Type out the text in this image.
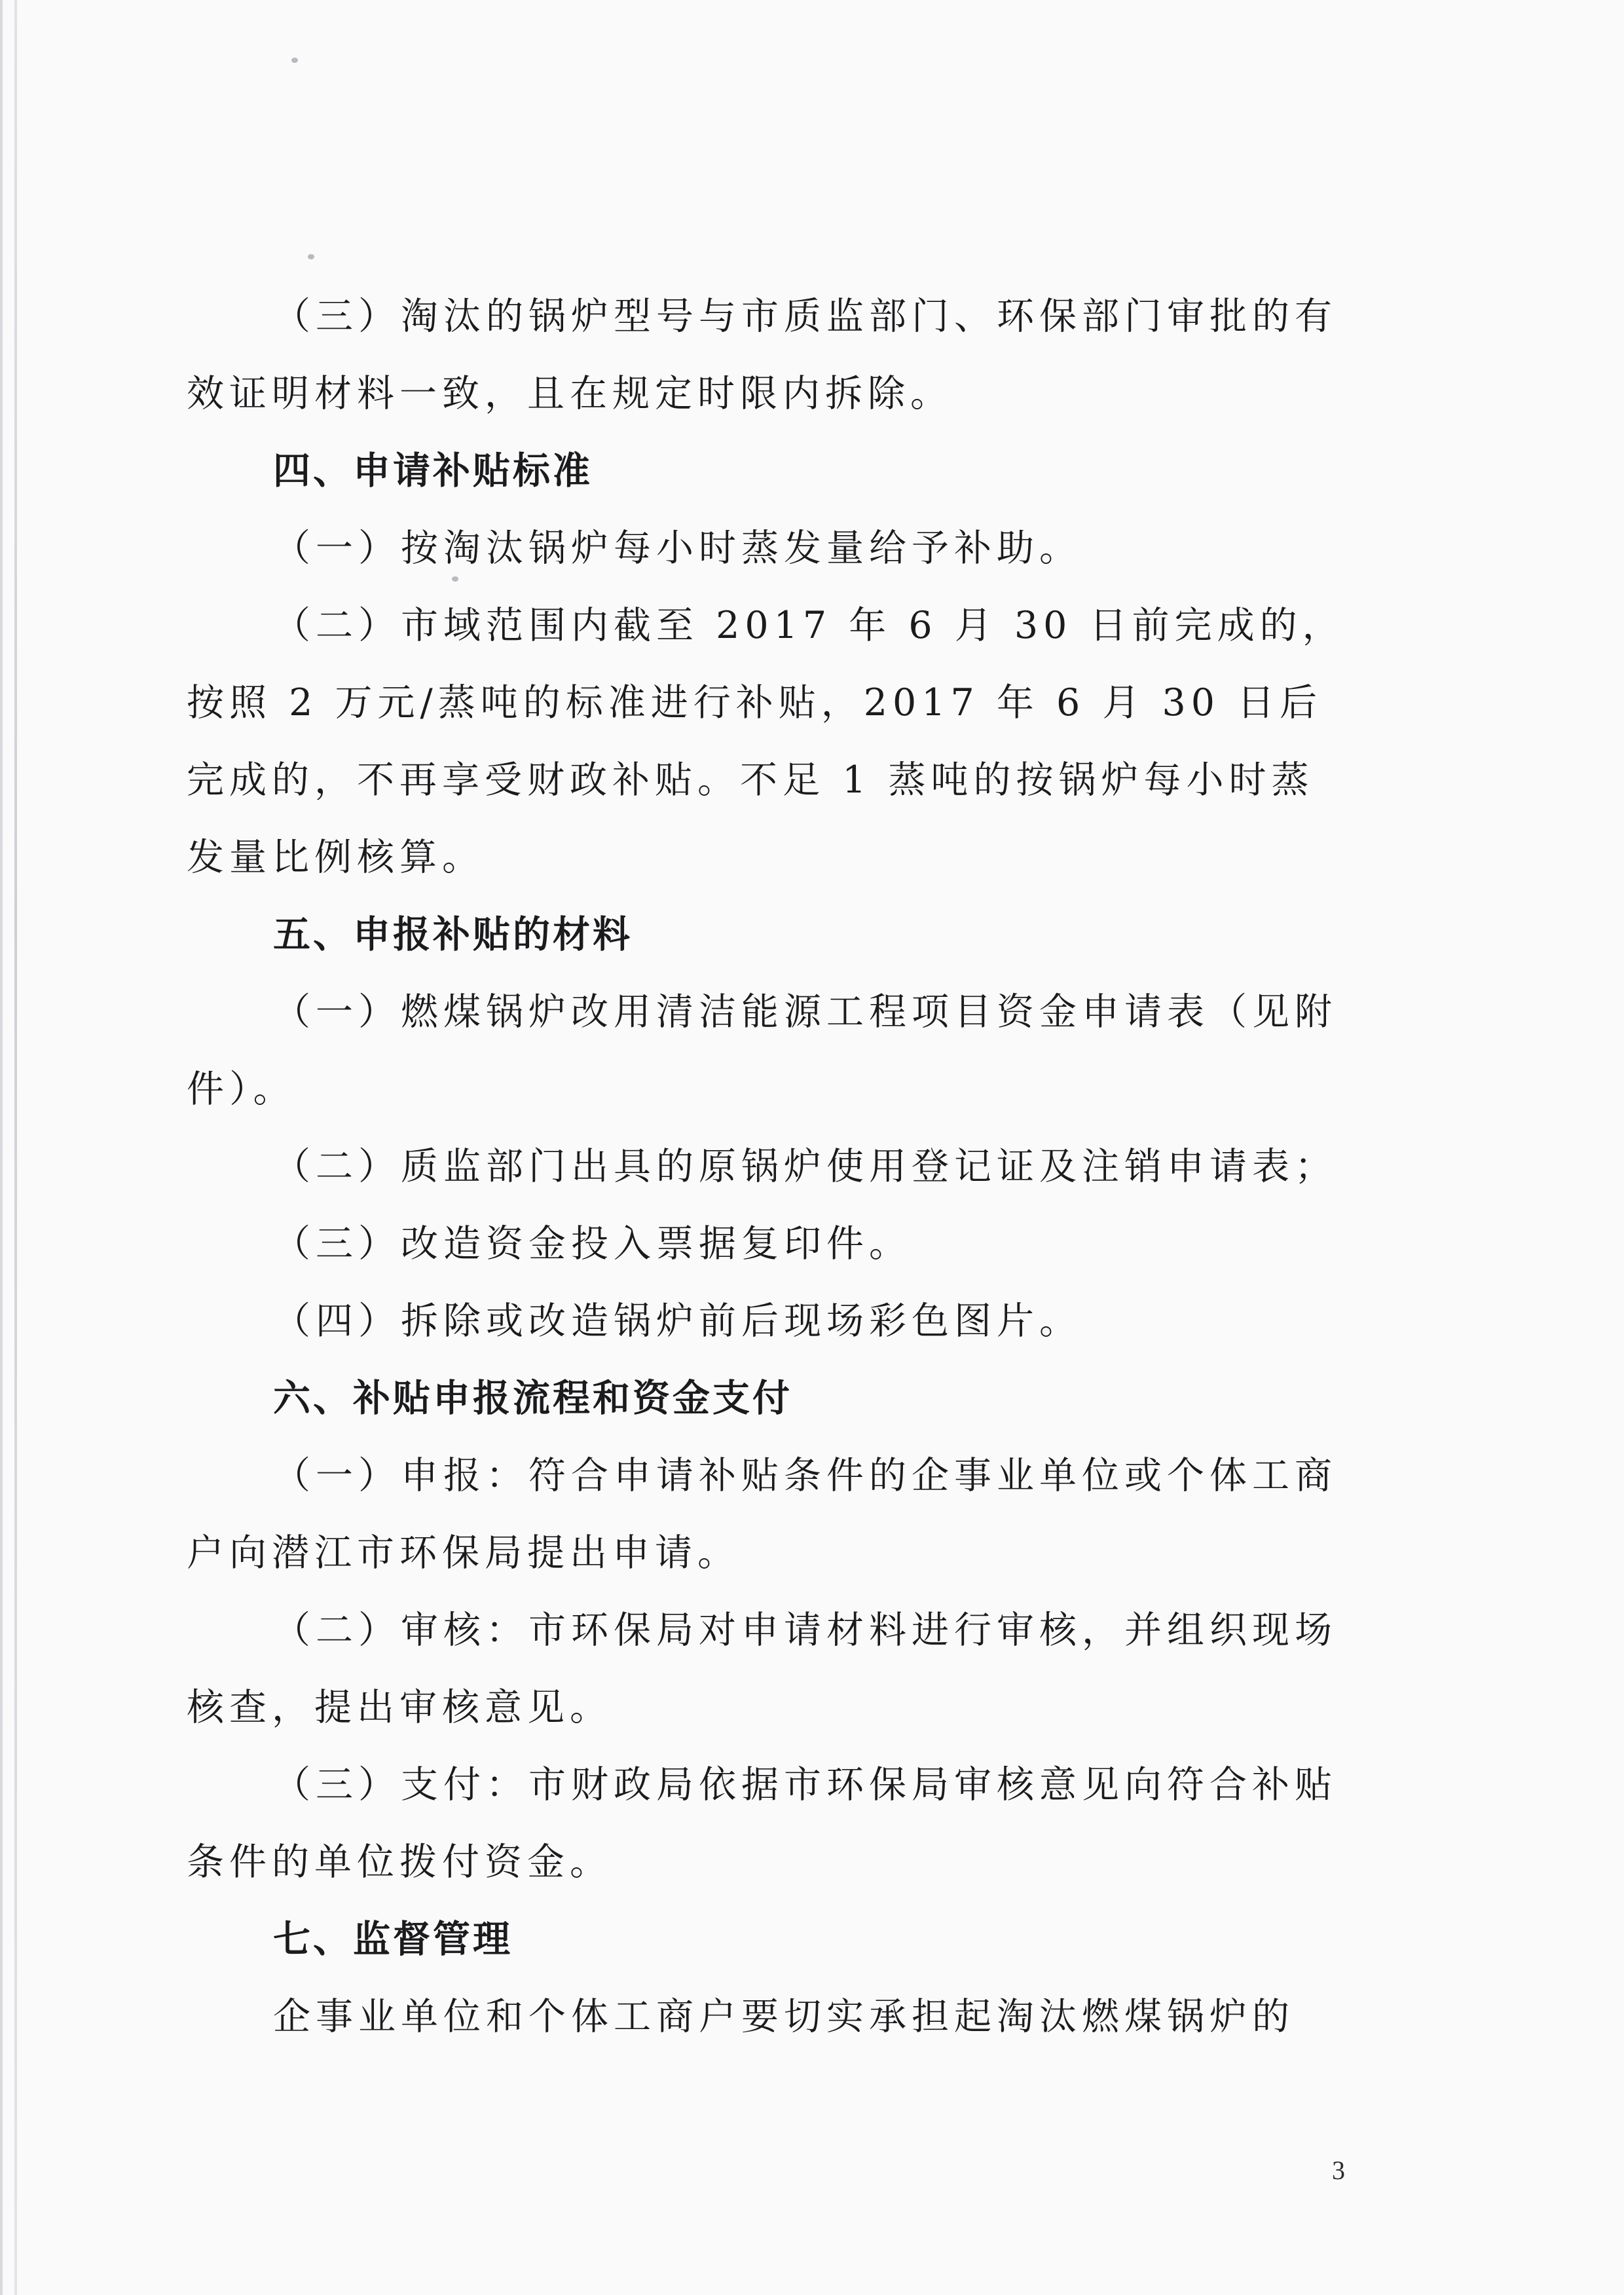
（三）淘汰的锅炉型号与市质监部门、环保部门审批的有效证明材料一致，且在规定时限内拆除。

四、申请补贴标准

（一）按淘汰锅炉每小时蒸发量给予补助。

（二）市域范围内截至 2017 年 6 月 30 日前完成的，按照 2 万元/蒸吨的标准进行补贴，2017 年 6 月 30 日后完成的，不再享受财政补贴。不足 1 蒸吨的按锅炉每小时蒸发量比例核算。

五、申报补贴的材料

（一）燃煤锅炉改用清洁能源工程项目资金申请表（见附件）。

（二）质监部门出具的原锅炉使用登记证及注销申请表；

（三）改造资金投入票据复印件。

（四）拆除或改造锅炉前后现场彩色图片。

六、补贴申报流程和资金支付

（一）申报：符合申请补贴条件的企事业单位或个体工商户向潜江市环保局提出申请。

（二）审核：市环保局对申请材料进行审核，并组织现场核查，提出审核意见。

（三）支付：市财政局依据市环保局审核意见向符合补贴条件的单位拨付资金。

七、监督管理

企事业单位和个体工商户要切实承担起淘汰燃煤锅炉的

3
